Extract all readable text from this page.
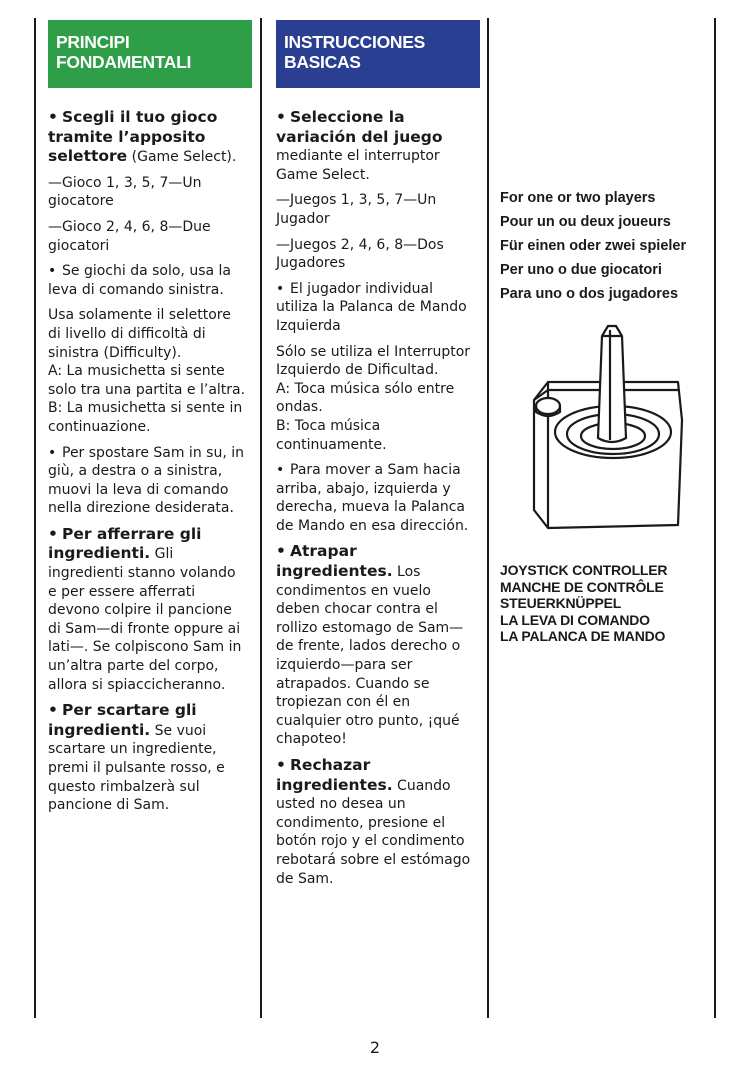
PRINCIPI
FONDAMENTALI

• Scegli il tuo gioco tramite l’apposito selettore (Game Select).

—Gioco 1, 3, 5, 7—Un giocatore

—Gioco 2, 4, 6, 8—Due giocatori

• Se giochi da solo, usa la leva di comando sinistra.

Usa solamente il selettore di livello di difficoltà di sinistra (Difficulty).

A: La musichetta si sente solo tra una partita e l’altra.

B: La musichetta si sente in continuazione.

• Per spostare Sam in su, in giù, a destra o a sinistra, muovi la leva di comando nella direzione desiderata.

• Per afferrare gli ingredienti. Gli ingredienti stanno volando e per essere afferrati devono colpire il pancione di Sam—di fronte oppure ai lati—. Se colpiscono Sam in un’altra parte del corpo, allora si spiaccicheranno.

• Per scartare gli ingredienti. Se vuoi scartare un ingrediente, premi il pulsante rosso, e questo rimbalzerà sul pancione di Sam.

INSTRUCCIONES
BASICAS

• Seleccione la variación del juego
mediante el interruptor Game Select.

—Juegos 1, 3, 5, 7—Un Jugador

—Juegos 2, 4, 6, 8—Dos Jugadores

• El jugador individual utiliza la Palanca de Mando Izquierda

Sólo se utiliza el Interruptor Izquierdo de Dificultad.

A: Toca música sólo entre ondas.

B: Toca música continuamente.

• Para mover a Sam hacia arriba, abajo, izquierda y derecha, mueva la Palanca de Mando en esa dirección.

• Atrapar ingredientes. Los condimentos en vuelo deben chocar contra el rollizo estomago de Sam—de frente, lados derecho o izquierdo—para ser atrapados. Cuando se tropiezan con él en cualquier otro punto, ¡qué chapoteo!

• Rechazar ingredientes. Cuando usted no desea un condimento, presione el botón rojo y el condimento rebotará sobre el estómago de Sam.

For one or two players
Pour un ou deux joueurs
Für einen oder zwei spieler
Per uno o due giocatori
Para uno o dos jugadores
JOYSTICK CONTROLLER
MANCHE DE CONTRÔLE
STEUERKNÜPPEL
LA LEVA DI COMANDO
LA PALANCA DE MANDO
2
